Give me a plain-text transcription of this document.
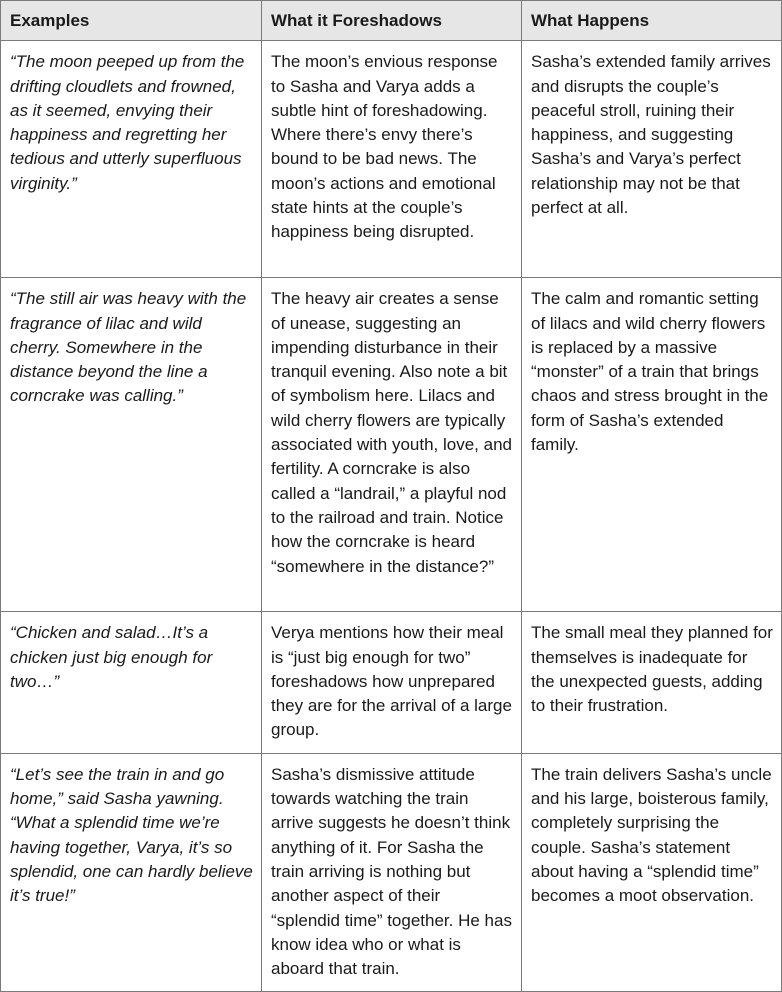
Examples	What it Foreshadows	What Happens
“The moon peeped up from the drifting cloudlets and frowned, as it seemed, envying their happiness and regretting her tedious and utterly superfluous virginity.”	The moon’s envious response to Sasha and Varya adds a subtle hint of foreshadowing. Where there’s envy there’s bound to be bad news. The moon’s actions and emotional state hints at the couple’s happiness being disrupted.	Sasha’s extended family arrives and disrupts the couple’s peaceful stroll, ruining their happiness, and suggesting Sasha’s and Varya’s perfect relationship may not be that perfect at all.
“The still air was heavy with the fragrance of lilac and wild cherry. Somewhere in the distance beyond the line a corncrake was calling.”	The heavy air creates a sense of unease, suggesting an impending disturbance in their tranquil evening. Also note a bit of symbolism here. Lilacs and wild cherry flowers are typically associated with youth, love, and fertility. A corncrake is also called a “landrail,” a playful nod to the railroad and train. Notice how the corncrake is heard “somewhere in the distance?”	The calm and romantic setting of lilacs and wild cherry flowers is replaced by a massive “monster” of a train that brings chaos and stress brought in the form of Sasha’s extended family.
“Chicken and salad…It’s a chicken just big enough for two…”	Verya mentions how their meal is “just big enough for two” foreshadows how unprepared they are for the arrival of a large group.	The small meal they planned for themselves is inadequate for the unexpected guests, adding to their frustration.
“Let’s see the train in and go home,” said Sasha yawning. “What a splendid time we’re having together, Varya, it’s so splendid, one can hardly believe it’s true!”	Sasha’s dismissive attitude towards watching the train arrive suggests he doesn’t think anything of it. For Sasha the train arriving is nothing but another aspect of their “splendid time” together. He has know idea who or what is aboard that train.	The train delivers Sasha’s uncle and his large, boisterous family, completely surprising the couple. Sasha’s statement about having a “splendid time” becomes a moot observation.
